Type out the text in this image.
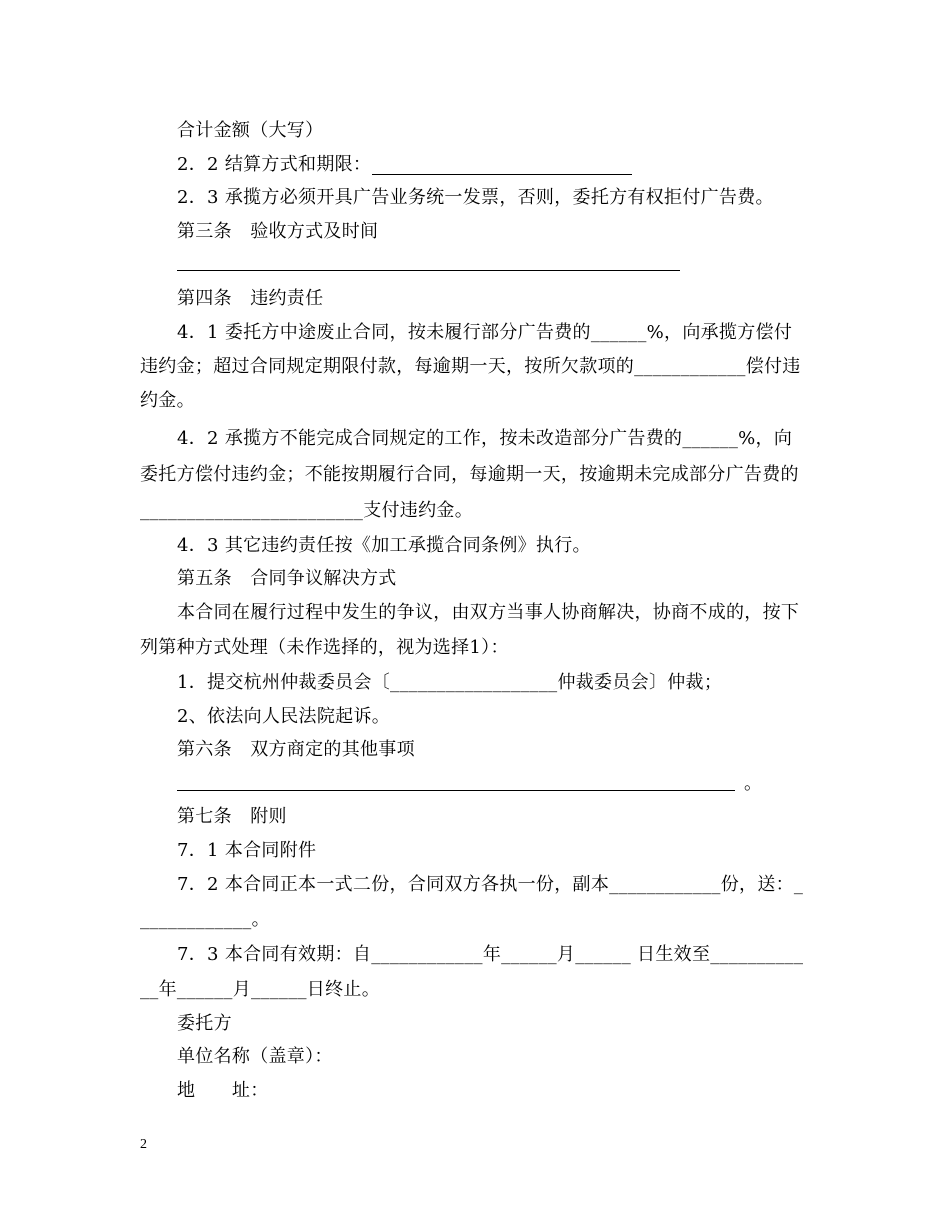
合计金额（大写）
2．2 结算方式和期限：
2．3 承揽方必须开具广告业务统一发票，否则，委托方有权拒付广告费。
第三条　验收方式及时间
第四条　违约责任
4．1 委托方中途废止合同，按未履行部分广告费的______%，向承揽方偿付
违约金；超过合同规定期限付款，每逾期一天，按所欠款项的____________偿付违
约金。
4．2 承揽方不能完成合同规定的工作，按未改造部分广告费的______%，向
委托方偿付违约金；不能按期履行合同，每逾期一天，按逾期未完成部分广告费的
________________________支付违约金。
4．3 其它违约责任按《加工承揽合同条例》执行。
第五条　合同争议解决方式
本合同在履行过程中发生的争议，由双方当事人协商解决，协商不成的，按下
列第种方式处理（未作选择的，视为选择1）：
1．提交杭州仲裁委员会〔__________________仲裁委员会〕仲裁；
2、依法向人民法院起诉。
第六条　双方商定的其他事项
。
第七条　附则
7．1 本合同附件
7．2 本合同正本一式二份，合同双方各执一份，副本____________份，送：_
____________。
7．3 本合同有效期：自____________年______月______ 日生效至__________
__年______月______日终止。
委托方
单位名称（盖章）：
地　　址：
2
